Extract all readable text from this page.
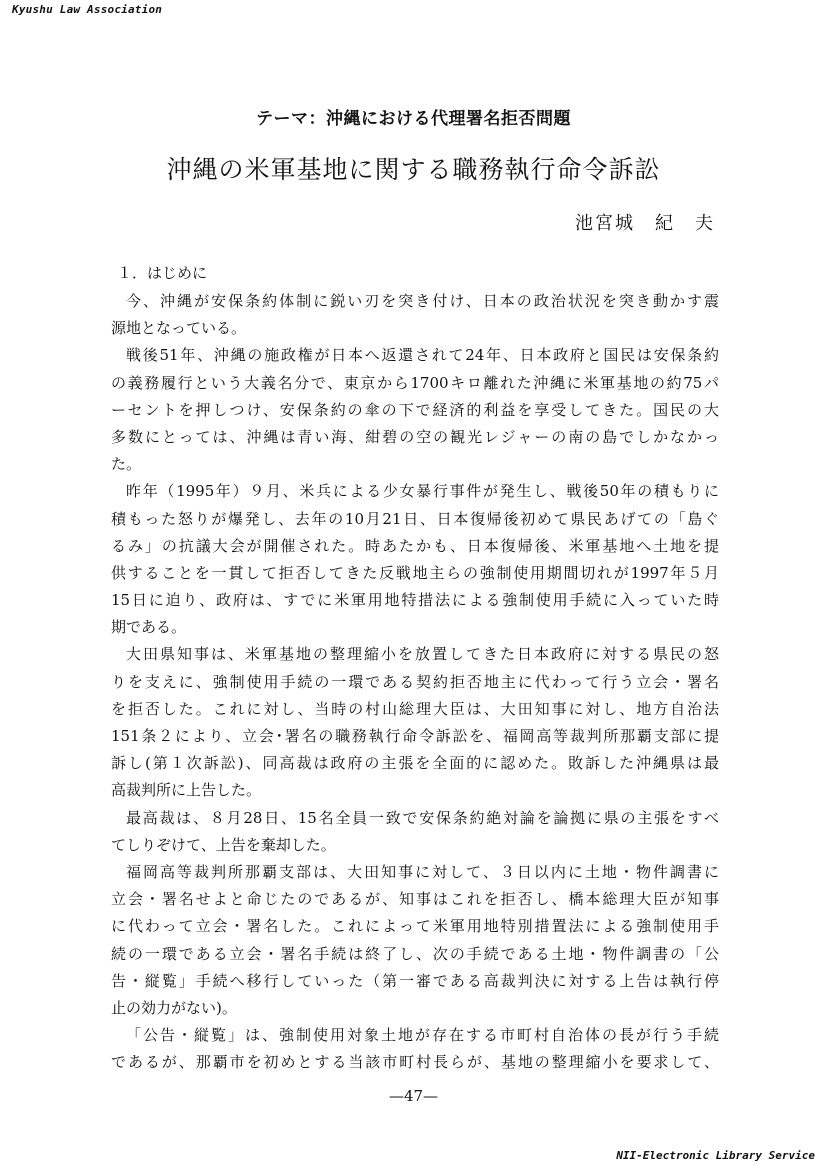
Kyushu Law Association
テーマ：沖縄における代理署名拒否問題
沖縄の米軍基地に関する職務執行命令訴訟
池宮城　紀　夫
１．はじめに
今、沖縄が安保条約体制に鋭い刃を突き付け、日本の政治状況を突き動かす震
源地となっている。
戦後51年、沖縄の施政権が日本へ返還されて24年、日本政府と国民は安保条約
の義務履行という大義名分で、東京から1700キロ離れた沖縄に米軍基地の約75パ
ーセントを押しつけ、安保条約の傘の下で経済的利益を享受してきた。国民の大
多数にとっては、沖縄は青い海、紺碧の空の観光レジャーの南の島でしかなかっ
た。
昨年（1995年）９月、米兵による少女暴行事件が発生し、戦後50年の積もりに
積もった怒りが爆発し、去年の10月21日、日本復帰後初めて県民あげての「島ぐ
るみ」の抗議大会が開催された。時あたかも、日本復帰後、米軍基地へ土地を提
供することを一貫して拒否してきた反戦地主らの強制使用期間切れが1997年５月
15日に迫り、政府は、すでに米軍用地特措法による強制使用手続に入っていた時
期である。
大田県知事は、米軍基地の整理縮小を放置してきた日本政府に対する県民の怒
りを支えに、強制使用手続の一環である契約拒否地主に代わって行う立会・署名
を拒否した。これに対し、当時の村山総理大臣は、大田知事に対し、地方自治法
151条２により、立会･署名の職務執行命令訴訟を、福岡高等裁判所那覇支部に提
訴し(第１次訴訟)、同高裁は政府の主張を全面的に認めた。敗訴した沖縄県は最
高裁判所に上告した。
最高裁は、８月28日、15名全員一致で安保条約絶対論を論拠に県の主張をすべ
てしりぞけて、上告を棄却した。
福岡高等裁判所那覇支部は、大田知事に対して、３日以内に土地・物件調書に
立会・署名せよと命じたのであるが、知事はこれを拒否し、橋本総理大臣が知事
に代わって立会・署名した。これによって米軍用地特別措置法による強制使用手
続の一環である立会・署名手続は終了し、次の手続である土地・物件調書の「公
告・縦覧」手続へ移行していった（第一審である高裁判決に対する上告は執行停
止の効力がない)。
「公告・縦覧」は、強制使用対象土地が存在する市町村自治体の長が行う手続
であるが、那覇市を初めとする当該市町村長らが、基地の整理縮小を要求して、
—47—
NII-Electronic Library Service
